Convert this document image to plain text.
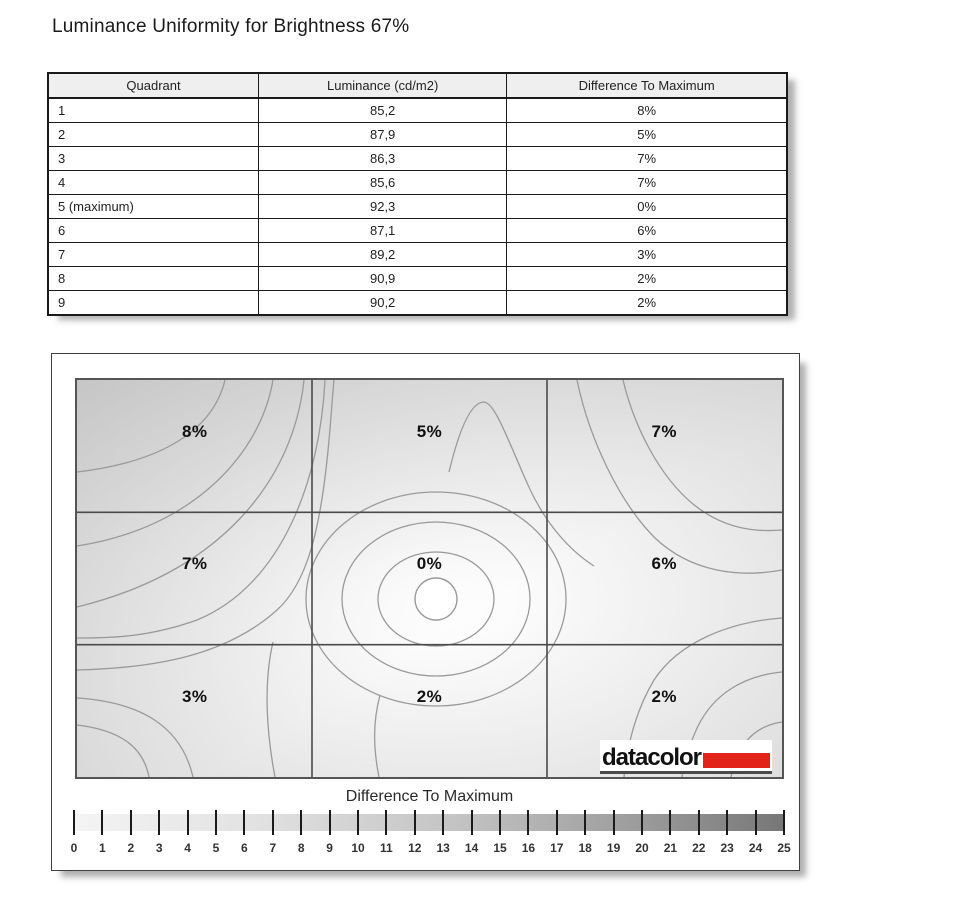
Luminance Uniformity for Brightness 67%
Quadrant	Luminance (cd/m2)	Difference To Maximum
1	85,2	8%
2	87,9	5%
3	86,3	7%
4	85,6	7%
5 (maximum)	92,3	0%
6	87,1	6%
7	89,2	3%
8	90,9	2%
9	90,2	2%
8%	5%	7%
7%	0%	6%
3%	2%	2%
datacolor
Difference To Maximum
0 1 2 3 4 5 6 7 8 9 10 11 12 13 14 15 16 17 18 19 20 21 22 23 24 25
